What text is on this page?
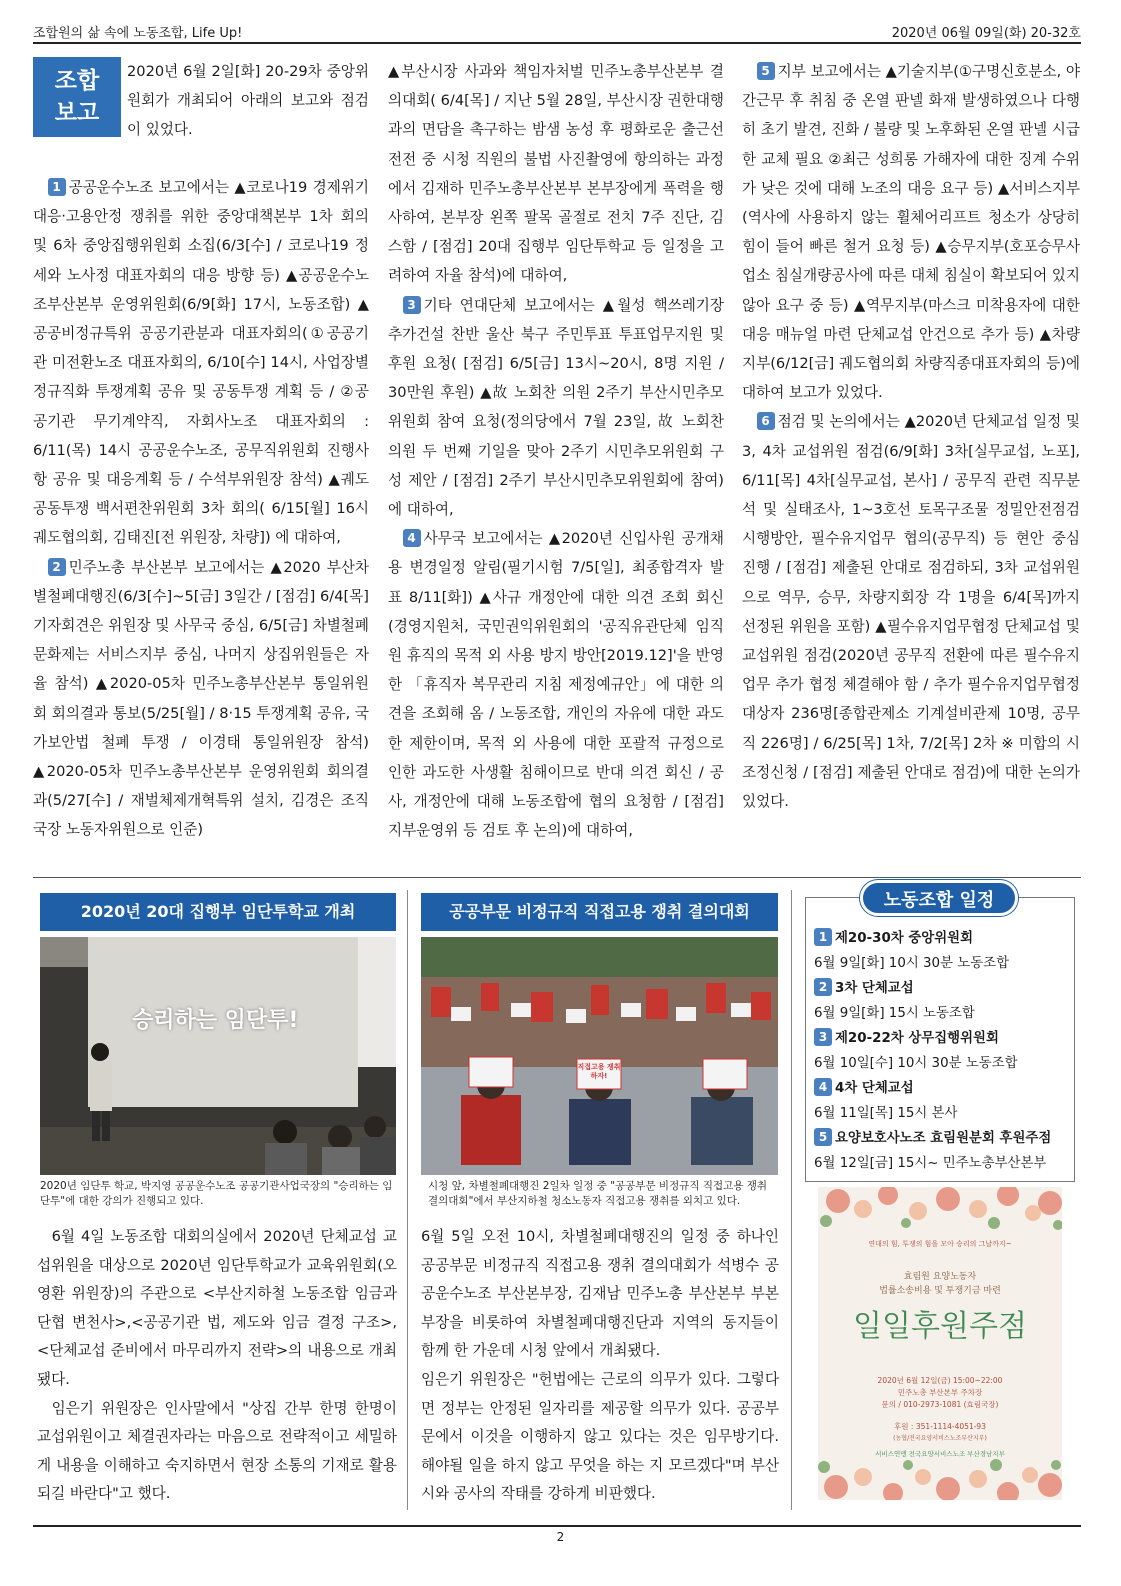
조합원의 삶 속에 노동조합, Life Up!	2020년 06월 09일(화) 20-32호
조합
보고

2020년 6월 2일[화] 20-29차 중앙위원회가 개최되어 아래의 보고와 점검이 있었다.

1 공공운수노조 보고에서는 ▲코로나19 경제위기 대응‧고용안정 쟁취를 위한 중앙대책본부 1차 회의 및 6차 중앙집행위원회 소집(6/3[수] / 코로나19 정세와 노사정 대표자회의 대응 방향 등) ▲공공운수노조부산본부 운영위원회(6/9[화] 17시, 노동조합) ▲공공비정규특위 공공기관분과 대표자회의(①공공기관 미전환노조 대표자회의, 6/10[수] 14시, 사업장별 정규직화 투쟁계획 공유 및 공동투쟁 계획 등 / ②공공기관 무기계약직, 자회사노조 대표자회의 : 6/11(목) 14시 공공운수노조, 공무직위원회 진행사항 공유 및 대응계획 등 / 수석부위원장 참석) ▲궤도 공동투쟁 백서편찬위원회 3차 회의( 6/15[월] 16시 궤도협의회, 김태진[전 위원장, 차량]) 에 대하여,

2 민주노총 부산본부 보고에서는 ▲2020 부산차별철폐대행진(6/3[수]~5[금] 3일간 / [점검] 6/4[목] 기자회견은 위원장 및 사무국 중심, 6/5[금] 차별철폐 문화제는 서비스지부 중심, 나머지 상집위원들은 자율 참석) ▲2020-05차 민주노총부산본부 통일위원회 회의결과 통보(5/25[월] / 8‧15 투쟁계획 공유, 국가보안법 철폐 투쟁 / 이경태 통일위원장 참석) ▲2020-05차 민주노총부산본부 운영위원회 회의결과(5/27[수] / 재벌체제개혁특위 설치, 김경은 조직국장 노동자위원으로 인준)

▲부산시장 사과와 책임자처벌 민주노총부산본부 결의대회( 6/4[목] / 지난 5월 28일, 부산시장 권한대행과의 면담을 촉구하는 밤샘 농성 후 평화로운 출근선전전 중 시청 직원의 불법 사진촬영에 항의하는 과정에서 김재하 민주노총부산본부 본부장에게 폭력을 행사하여, 본부장 왼쪽 팔목 골절로 전치 7주 진단, 김스함 / [점검] 20대 집행부 임단투학교 등 일정을 고려하여 자율 참석)에 대하여,

3 기타 연대단체 보고에서는 ▲월성 핵쓰레기장 추가건설 찬반 울산 북구 주민투표 투표업무지원 및 후원 요청( [점검] 6/5[금] 13시~20시, 8명 지원 / 30만원 후원) ▲故 노회찬 의원 2주기 부산시민추모위원회 참여 요청(정의당에서 7월 23일, 故 노회찬 의원 두 번째 기일을 맞아 2주기 시민추모위원회 구성 제안 / [점검] 2주기 부산시민추모위원회에 참여)에 대하여,

4 사무국 보고에서는 ▲2020년 신입사원 공개채용 변경일정 알림(필기시험 7/5[일], 최종합격자 발표 8/11[화]) ▲사규 개정안에 대한 의견 조회 회신(경영지원처, 국민권익위원회의 '공직유관단체 임직원 휴직의 목적 외 사용 방지 방안[2019.12]'을 반영한 「휴직자 복무관리 지침 제정예규안」에 대한 의견을 조회해 옴 / 노동조합, 개인의 자유에 대한 과도한 제한이며, 목적 외 사용에 대한 포괄적 규정으로 인한 과도한 사생활 침해이므로 반대 의견 회신 / 공사, 개정안에 대해 노동조합에 협의 요청함 / [점검] 지부운영위 등 검토 후 논의)에 대하여,

5 지부 보고에서는 ▲기술지부(①구명신호분소, 야간근무 후 취침 중 온열 판넬 화재 발생하였으나 다행히 초기 발견, 진화 / 불량 및 노후화된 온열 판넬 시급한 교체 필요 ②최근 성희롱 가해자에 대한 징계 수위가 낮은 것에 대해 노조의 대응 요구 등) ▲서비스지부(역사에 사용하지 않는 휠체어리프트 청소가 상당히 힘이 들어 빠른 철거 요청 등) ▲승무지부(호포승무사업소 침실개량공사에 따른 대체 침실이 확보되어 있지 않아 요구 중 등) ▲역무지부(마스크 미착용자에 대한 대응 매뉴얼 마련 단체교섭 안건으로 추가 등) ▲차량지부(6/12[금] 궤도협의회 차량직종대표자회의 등)에 대하여 보고가 있었다.

6 점검 및 논의에서는 ▲2020년 단체교섭 일정 및 3, 4차 교섭위원 점검(6/9[화] 3차[실무교섭, 노포], 6/11[목] 4차[실무교섭, 본사] / 공무직 관련 직무분석 및 실태조사, 1~3호선 토목구조물 정밀안전점검 시행방안, 필수유지업무 협의(공무직) 등 현안 중심 진행 / [점검] 제출된 안대로 점검하되, 3차 교섭위원으로 역무, 승무, 차량지회장 각 1명을 6/4[목]까지 선정된 위원을 포함) ▲필수유지업무협정 단체교섭 및 교섭위원 점검(2020년 공무직 전환에 따른 필수유지업무 추가 협정 체결해야 함 / 추가 필수유지업무협정 대상자 236명[종합관제소 기계설비관제 10명, 공무직 226명] / 6/25[목] 1차, 7/2[목] 2차 ※ 미합의 시 조정신청 / [점검] 제출된 안대로 점검)에 대한 논의가 있었다.

2020년 20대 집행부 임단투학교 개최
승리하는 임단투!
2020년 임단투 학교, 박지영 공공운수노조 공공기관사업국장의 "승리하는 임단투"에 대한 강의가 진행되고 있다.

6월 4일 노동조합 대회의실에서 2020년 단체교섭 교섭위원을 대상으로 2020년 임단투학교가 교육위원회(오영환 위원장)의 주관으로 <부산지하철 노동조합 임금과 단협 변천사>,<공공기관 법, 제도와 임금 결정 구조>, <단체교섭 준비에서 마무리까지 전략>의 내용으로 개최됐다.

임은기 위원장은 인사말에서 "상집 간부 한명 한명이 교섭위원이고 체결권자라는 마음으로 전략적이고 세밀하게 내용을 이해하고 숙지하면서 현장 소통의 기재로 활용되길 바란다"고 했다.

공공부문 비정규직 직접고용 쟁취 결의대회
직접고용 쟁취하자!
시청 앞, 차별철폐대행진 2일차 일정 중 "공공부문 비정규직 직접고용 쟁취 결의대회"에서 부산지하철 청소노동자 직접고용 쟁취를 외치고 있다.

6월 5일 오전 10시, 차별철폐대행진의 일정 중 하나인 공공부문 비정규직 직접고용 쟁취 결의대회가 석병수 공공운수노조 부산본부장, 김재남 민주노총 부산본부 부본부장을 비롯하여 차별철폐대행진단과 지역의 동지들이 함께 한 가운데 시청 앞에서 개최됐다.

임은기 위원장은 "헌법에는 근로의 의무가 있다. 그렇다면 정부는 안정된 일자리를 제공할 의무가 있다. 공공부문에서 이것을 이행하지 않고 있다는 것은 임무방기다. 해야될 일을 하지 않고 무엇을 하는 지 모르겠다"며 부산시와 공사의 작태를 강하게 비판했다.

1 제20-30차 중앙위원회
6월 9일[화] 10시 30분 노동조합
2 3차 단체교섭
6월 9일[화] 15시 노동조합
3 제20-22차 상무집행위원회
6월 10일[수] 10시 30분 노동조합
4 4차 단체교섭
6월 11일[목] 15시 본사
5 요양보호사노조 효림원분회 후원주점
6월 12일[금] 15시~ 민주노총부산본부
노동조합 일정
연대의 힘, 투쟁의 힘을 모아 승리의 그날까지~
효림원 요양노동자
법률소송비용 및 투쟁기금 마련
일일후원주점
2020년 6월 12일(금) 15:00~22:00
민주노총 부산본부 주차장
문의 / 010-2973-1081 (효림국장)
후원 : 351-1114-4051-93
(농협/전국요양서비스노조부산지부)
서비스연맹 전국요양서비스노조 부산경남지부
2
